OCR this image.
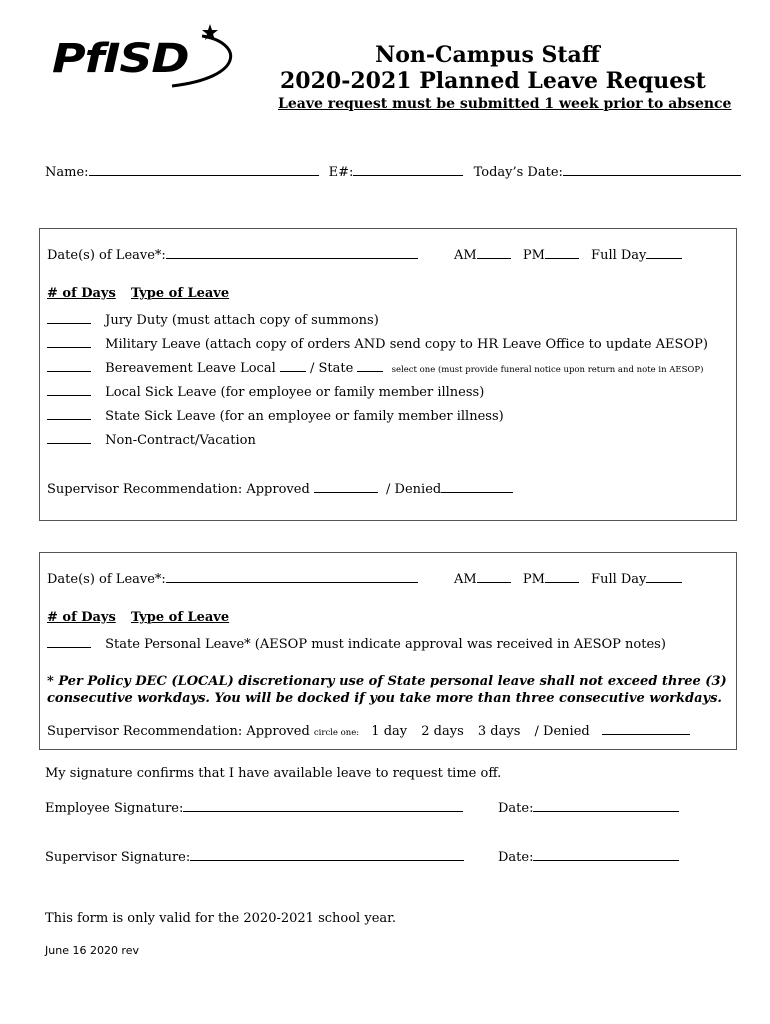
PfISD	Non-Campus Staff
2020-2021 Planned Leave Request
Leave request must be submitted 1 week prior to absence
Name:	E#:	Today’s Date:
Date(s) of Leave*:	AM	PM	Full Day
# of Days Type of Leave
Jury Duty (must attach copy of summons)
Military Leave (attach copy of orders AND send copy to HR Leave Office to update AESOP)
Bereavement Leave Local  / State	select one (must provide funeral notice upon return and note in AESOP)
Local Sick Leave (for employee or family member illness)
State Sick Leave (for an employee or family member illness)
Non-Contract/Vacation
Supervisor Recommendation: Approved	/ Denied
Date(s) of Leave*:	AM	PM	Full Day
# of Days Type of Leave
State Personal Leave* (AESOP must indicate approval was received in AESOP notes)
* Per Policy DEC (LOCAL) discretionary use of State personal leave shall not exceed three (3)
consecutive workdays. You will be docked if you take more than three consecutive workdays.
Supervisor Recommendation: Approved circle one: 1 day 2 days 3 days / Denied
My signature confirms that I have available leave to request time off.
Employee Signature:	Date:
Supervisor Signature:	Date:
This form is only valid for the 2020-2021 school year.
June 16 2020 rev
